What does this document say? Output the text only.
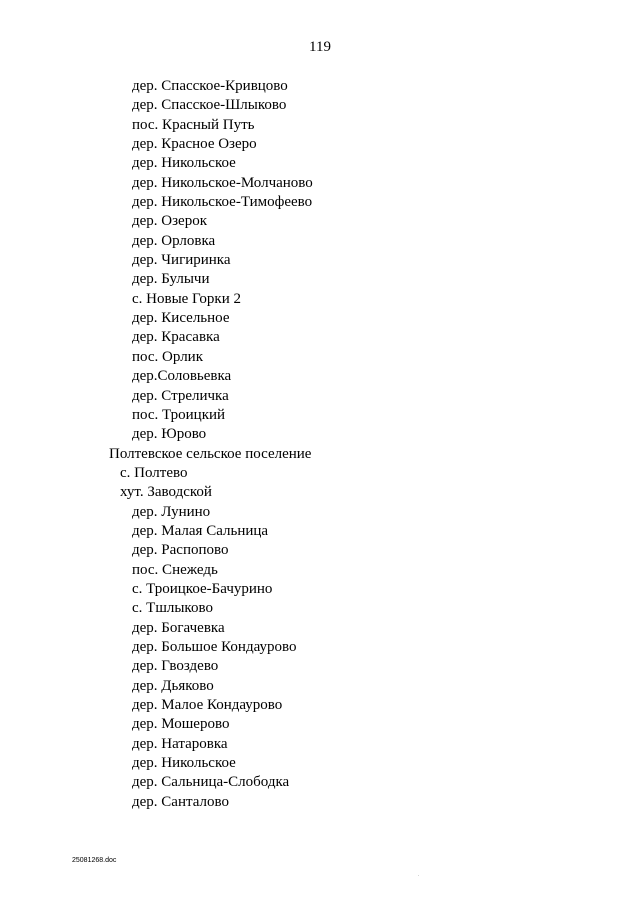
119
дер. Спасское-Кривцово
дер. Спасское-Шлыково
пос. Красный Путь
дер. Красное Озеро
дер. Никольское
дер. Никольское-Молчаново
дер. Никольское-Тимофеево
дер. Озерок
дер. Орловка
дер. Чигиринка
дер. Булычи
с. Новые Горки 2
дер. Кисельное
дер. Красавка
пос. Орлик
дер.Соловьевка
дер. Стреличка
пос. Троицкий
дер. Юрово
Полтевское сельское поселение
с. Полтево
хут. Заводской
дер. Лунино
дер. Малая Сальница
дер. Распопово
пос. Снежедь
с. Троицкое-Бачурино
с. Тшлыково
дер. Богачевка
дер. Большое Кондаурово
дер. Гвоздево
дер. Дьяково
дер. Малое Кондаурово
дер. Мошерово
дер. Натаровка
дер. Никольское
дер. Сальница-Слободка
дер. Санталово
25081268.doc
.
